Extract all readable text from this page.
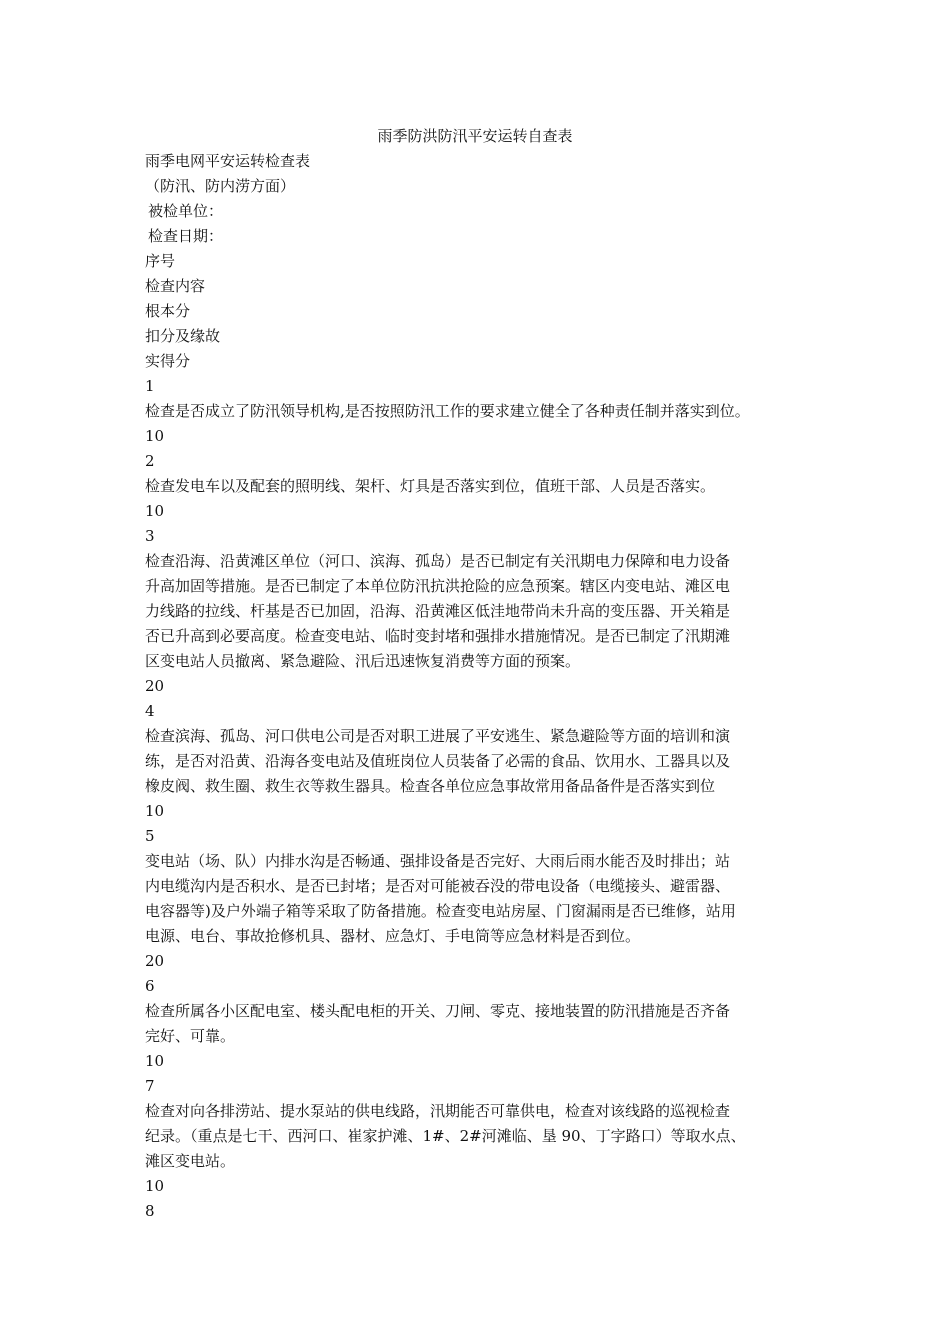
雨季防洪防汛平安运转自查表
雨季电网平安运转检查表
（防汛、防内涝方面）
被检单位：
检查日期：
序号
检查内容
根本分
扣分及缘故
实得分
1
检查是否成立了防汛领导机构,是否按照防汛工作的要求建立健全了各种责任制并落实到位。
10
2
检查发电车以及配套的照明线、架杆、灯具是否落实到位，值班干部、人员是否落实。
10
3
检查沿海、沿黄滩区单位（河口、滨海、孤岛）是否已制定有关汛期电力保障和电力设备
升高加固等措施。是否已制定了本单位防汛抗洪抢险的应急预案。辖区内变电站、滩区电
力线路的拉线、杆基是否已加固，沿海、沿黄滩区低洼地带尚未升高的变压器、开关箱是
否已升高到必要高度。检查变电站、临时变封堵和强排水措施情况。是否已制定了汛期滩
区变电站人员撤离、紧急避险、汛后迅速恢复消费等方面的预案。
20
4
检查滨海、孤岛、河口供电公司是否对职工进展了平安逃生、紧急避险等方面的培训和演
练，是否对沿黄、沿海各变电站及值班岗位人员装备了必需的食品、饮用水、工器具以及
橡皮阀、救生圈、救生衣等救生器具。检查各单位应急事故常用备品备件是否落实到位
10
5
变电站（场、队）内排水沟是否畅通、强排设备是否完好、大雨后雨水能否及时排出；站
内电缆沟内是否积水、是否已封堵；是否对可能被吞没的带电设备（电缆接头、避雷器、
电容器等)及户外端子箱等采取了防备措施。检查变电站房屋、门窗漏雨是否已维修，站用
电源、电台、事故抢修机具、器材、应急灯、手电筒等应急材料是否到位。
20
6
检查所属各小区配电室、楼头配电柜的开关、刀闸、零克、接地装置的防汛措施是否齐备
完好、可靠。
10
7
检查对向各排涝站、提水泵站的供电线路，汛期能否可靠供电，检查对该线路的巡视检查
纪录。（重点是七干、西河口、崔家护滩、1#、2#河滩临、垦 90、丁字路口）等取水点、
滩区变电站。
10
8
